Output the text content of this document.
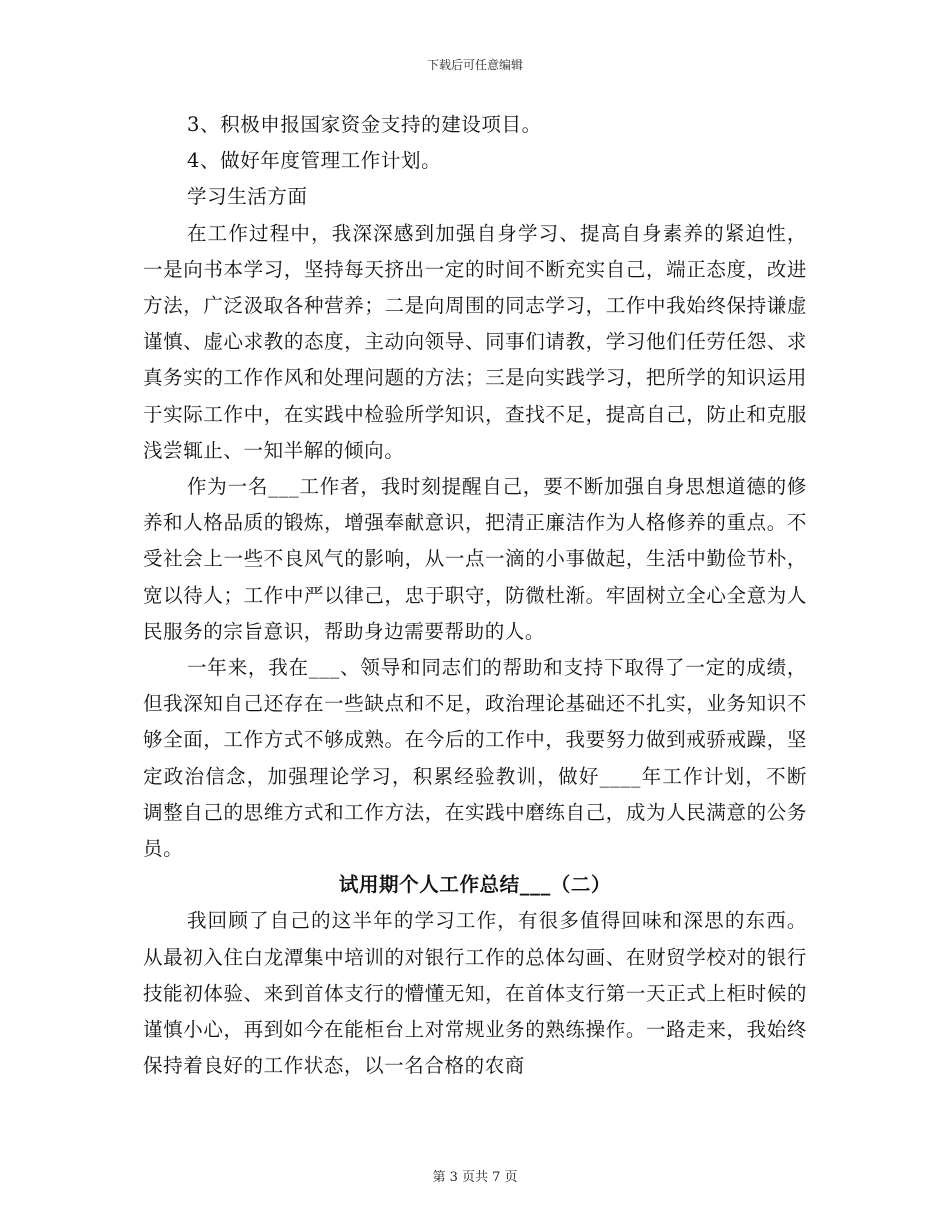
下载后可任意编辑

3、积极申报国家资金支持的建设项目。

4、做好年度管理工作计划。

学习生活方面

在工作过程中，我深深感到加强自身学习、提高自身素养的紧迫性，一是向书本学习，坚持每天挤出一定的时间不断充实自己，端正态度，改进方法，广泛汲取各种营养；二是向周围的同志学习，工作中我始终保持谦虚谨慎、虚心求教的态度，主动向领导、同事们请教，学习他们任劳任怨、求真务实的工作作风和处理问题的方法；三是向实践学习，把所学的知识运用于实际工作中，在实践中检验所学知识，查找不足，提高自己，防止和克服浅尝辄止、一知半解的倾向。

作为一名___工作者，我时刻提醒自己，要不断加强自身思想道德的修养和人格品质的锻炼，增强奉献意识，把清正廉洁作为人格修养的重点。不受社会上一些不良风气的影响，从一点一滴的小事做起，生活中勤俭节朴，宽以待人；工作中严以律己，忠于职守，防微杜渐。牢固树立全心全意为人民服务的宗旨意识，帮助身边需要帮助的人。

一年来，我在___、领导和同志们的帮助和支持下取得了一定的成绩，但我深知自己还存在一些缺点和不足，政治理论基础还不扎实，业务知识不够全面，工作方式不够成熟。在今后的工作中，我要努力做到戒骄戒躁，坚定政治信念，加强理论学习，积累经验教训，做好____年工作计划，不断调整自己的思维方式和工作方法，在实践中磨练自己，成为人民满意的公务员。

试用期个人工作总结___（二）

我回顾了自己的这半年的学习工作，有很多值得回味和深思的东西。从最初入住白龙潭集中培训的对银行工作的总体勾画、在财贸学校对的银行技能初体验、来到首体支行的懵懂无知，在首体支行第一天正式上柜时候的谨慎小心，再到如今在能柜台上对常规业务的熟练操作。一路走来，我始终保持着良好的工作状态，以一名合格的农商

第 3 页共 7 页
